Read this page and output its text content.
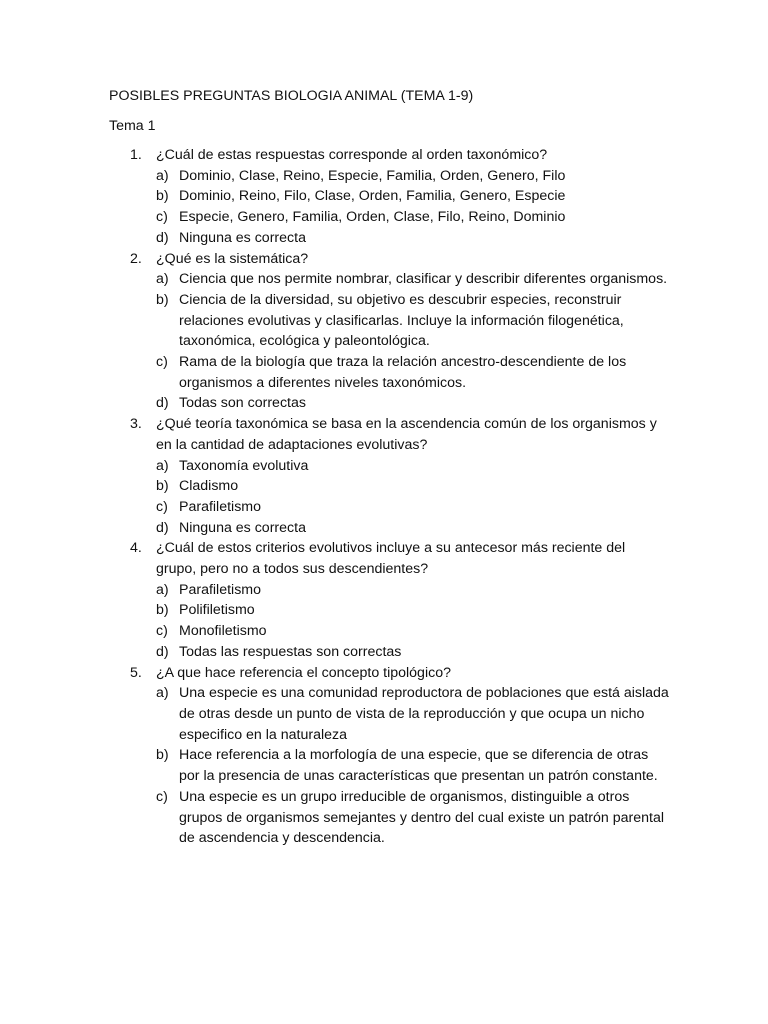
POSIBLES PREGUNTAS BIOLOGIA ANIMAL (TEMA 1-9)
Tema 1
1. ¿Cuál de estas respuestas corresponde al orden taxonómico?
a) Dominio, Clase, Reino, Especie, Familia, Orden, Genero, Filo
b) Dominio, Reino, Filo, Clase, Orden, Familia, Genero, Especie
c) Especie, Genero, Familia, Orden, Clase, Filo, Reino, Dominio
d) Ninguna es correcta
2. ¿Qué es la sistemática?
a) Ciencia que nos permite nombrar, clasificar y describir diferentes organismos.
b) Ciencia de la diversidad, su objetivo es descubrir especies, reconstruir relaciones evolutivas y clasificarlas. Incluye la información filogenética, taxonómica, ecológica y paleontológica.
c) Rama de la biología que traza la relación ancestro-descendiente de los organismos a diferentes niveles taxonómicos.
d) Todas son correctas
3. ¿Qué teoría taxonómica se basa en la ascendencia común de los organismos y en la cantidad de adaptaciones evolutivas?
a) Taxonomía evolutiva
b) Cladismo
c) Parafiletismo
d) Ninguna es correcta
4. ¿Cuál de estos criterios evolutivos incluye a su antecesor más reciente del grupo, pero no a todos sus descendientes?
a) Parafiletismo
b) Polifiletismo
c) Monofiletismo
d) Todas las respuestas son correctas
5. ¿A que hace referencia el concepto tipológico?
a) Una especie es una comunidad reproductora de poblaciones que está aislada de otras desde un punto de vista de la reproducción y que ocupa un nicho especifico en la naturaleza
b) Hace referencia a la morfología de una especie, que se diferencia de otras por la presencia de unas características que presentan un patrón constante.
c) Una especie es un grupo irreducible de organismos, distinguible a otros grupos de organismos semejantes y dentro del cual existe un patrón parental de ascendencia y descendencia.
